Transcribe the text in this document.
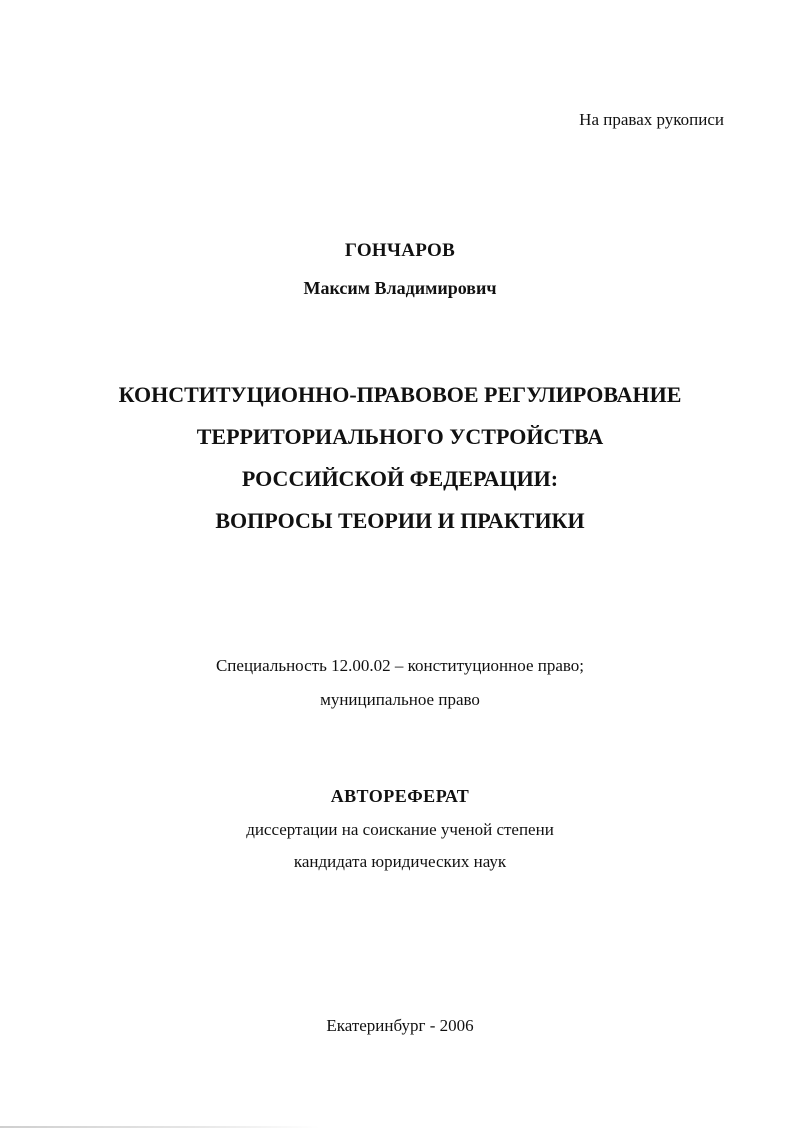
На правах рукописи
ГОНЧАРОВ
Максим Владимирович
КОНСТИТУЦИОННО-ПРАВОВОЕ РЕГУЛИРОВАНИЕ
ТЕРРИТОРИАЛЬНОГО УСТРОЙСТВА
РОССИЙСКОЙ ФЕДЕРАЦИИ:
ВОПРОСЫ ТЕОРИИ И ПРАКТИКИ
Специальность 12.00.02 – конституционное право;
муниципальное право
АВТОРЕФЕРАТ
диссертации на соискание ученой степени
кандидата юридических наук
Екатеринбург - 2006
